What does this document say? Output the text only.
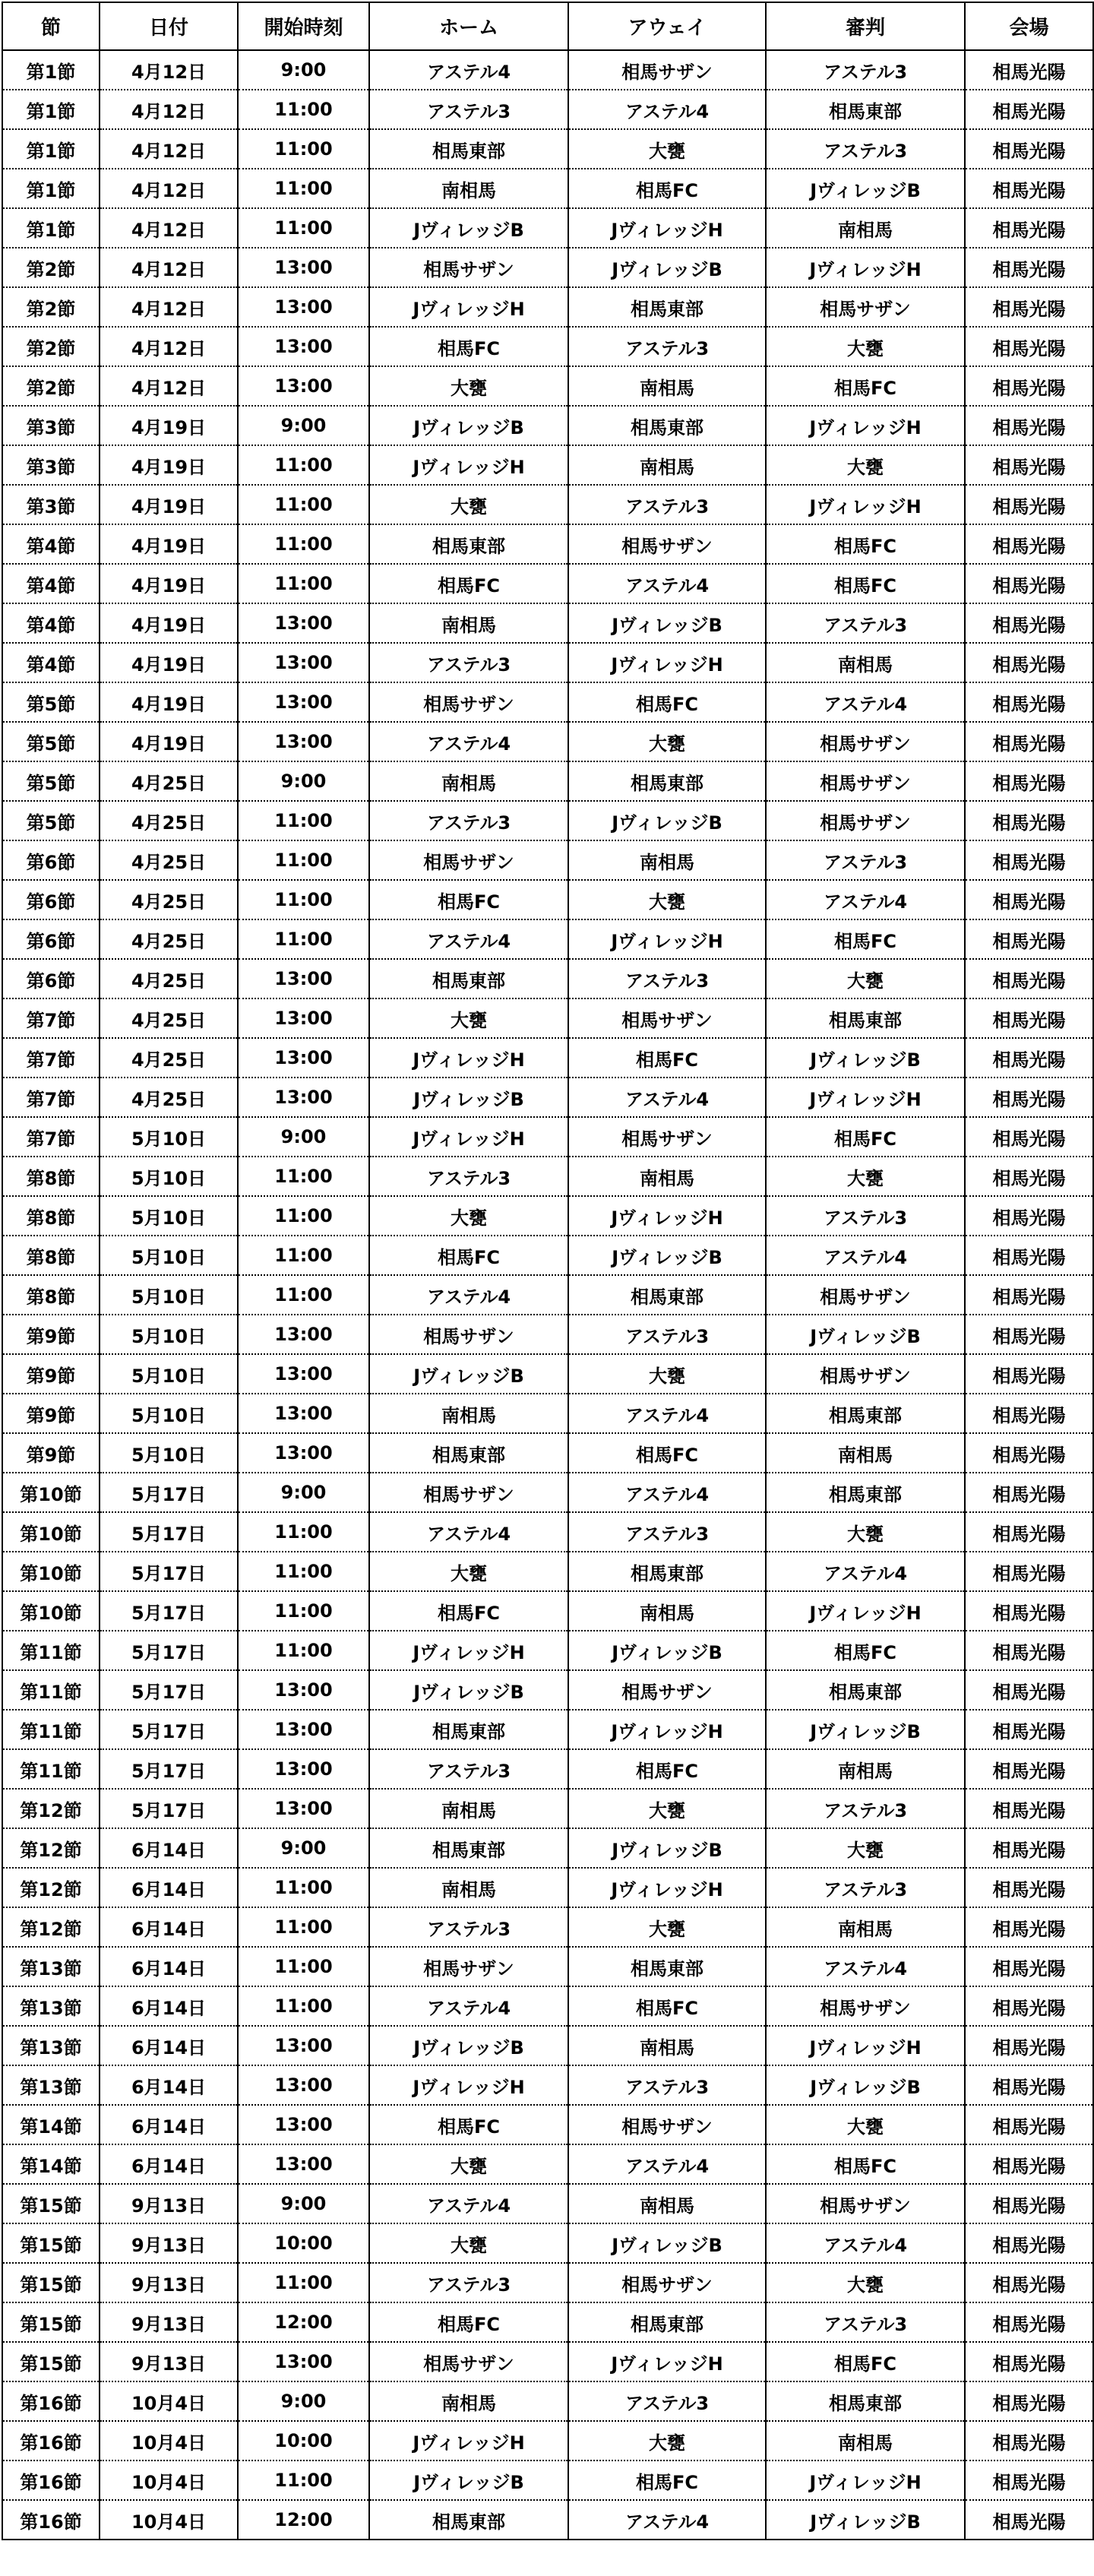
節	日付	開始時刻	ホーム	アウェイ	審判	会場
第1節	4月12日	9:00	アステル4	相馬サザン	アステル3	相馬光陽
第1節	4月12日	11:00	アステル3	アステル4	相馬東部	相馬光陽
第1節	4月12日	11:00	相馬東部	大甕	アステル3	相馬光陽
第1節	4月12日	11:00	南相馬	相馬FC	JヴィレッジB	相馬光陽
第1節	4月12日	11:00	JヴィレッジB	JヴィレッジH	南相馬	相馬光陽
第2節	4月12日	13:00	相馬サザン	JヴィレッジB	JヴィレッジH	相馬光陽
第2節	4月12日	13:00	JヴィレッジH	相馬東部	相馬サザン	相馬光陽
第2節	4月12日	13:00	相馬FC	アステル3	大甕	相馬光陽
第2節	4月12日	13:00	大甕	南相馬	相馬FC	相馬光陽
第3節	4月19日	9:00	JヴィレッジB	相馬東部	JヴィレッジH	相馬光陽
第3節	4月19日	11:00	JヴィレッジH	南相馬	大甕	相馬光陽
第3節	4月19日	11:00	大甕	アステル3	JヴィレッジH	相馬光陽
第4節	4月19日	11:00	相馬東部	相馬サザン	相馬FC	相馬光陽
第4節	4月19日	11:00	相馬FC	アステル4	相馬FC	相馬光陽
第4節	4月19日	13:00	南相馬	JヴィレッジB	アステル3	相馬光陽
第4節	4月19日	13:00	アステル3	JヴィレッジH	南相馬	相馬光陽
第5節	4月19日	13:00	相馬サザン	相馬FC	アステル4	相馬光陽
第5節	4月19日	13:00	アステル4	大甕	相馬サザン	相馬光陽
第5節	4月25日	9:00	南相馬	相馬東部	相馬サザン	相馬光陽
第5節	4月25日	11:00	アステル3	JヴィレッジB	相馬サザン	相馬光陽
第6節	4月25日	11:00	相馬サザン	南相馬	アステル3	相馬光陽
第6節	4月25日	11:00	相馬FC	大甕	アステル4	相馬光陽
第6節	4月25日	11:00	アステル4	JヴィレッジH	相馬FC	相馬光陽
第6節	4月25日	13:00	相馬東部	アステル3	大甕	相馬光陽
第7節	4月25日	13:00	大甕	相馬サザン	相馬東部	相馬光陽
第7節	4月25日	13:00	JヴィレッジH	相馬FC	JヴィレッジB	相馬光陽
第7節	4月25日	13:00	JヴィレッジB	アステル4	JヴィレッジH	相馬光陽
第7節	5月10日	9:00	JヴィレッジH	相馬サザン	相馬FC	相馬光陽
第8節	5月10日	11:00	アステル3	南相馬	大甕	相馬光陽
第8節	5月10日	11:00	大甕	JヴィレッジH	アステル3	相馬光陽
第8節	5月10日	11:00	相馬FC	JヴィレッジB	アステル4	相馬光陽
第8節	5月10日	11:00	アステル4	相馬東部	相馬サザン	相馬光陽
第9節	5月10日	13:00	相馬サザン	アステル3	JヴィレッジB	相馬光陽
第9節	5月10日	13:00	JヴィレッジB	大甕	相馬サザン	相馬光陽
第9節	5月10日	13:00	南相馬	アステル4	相馬東部	相馬光陽
第9節	5月10日	13:00	相馬東部	相馬FC	南相馬	相馬光陽
第10節	5月17日	9:00	相馬サザン	アステル4	相馬東部	相馬光陽
第10節	5月17日	11:00	アステル4	アステル3	大甕	相馬光陽
第10節	5月17日	11:00	大甕	相馬東部	アステル4	相馬光陽
第10節	5月17日	11:00	相馬FC	南相馬	JヴィレッジH	相馬光陽
第11節	5月17日	11:00	JヴィレッジH	JヴィレッジB	相馬FC	相馬光陽
第11節	5月17日	13:00	JヴィレッジB	相馬サザン	相馬東部	相馬光陽
第11節	5月17日	13:00	相馬東部	JヴィレッジH	JヴィレッジB	相馬光陽
第11節	5月17日	13:00	アステル3	相馬FC	南相馬	相馬光陽
第12節	5月17日	13:00	南相馬	大甕	アステル3	相馬光陽
第12節	6月14日	9:00	相馬東部	JヴィレッジB	大甕	相馬光陽
第12節	6月14日	11:00	南相馬	JヴィレッジH	アステル3	相馬光陽
第12節	6月14日	11:00	アステル3	大甕	南相馬	相馬光陽
第13節	6月14日	11:00	相馬サザン	相馬東部	アステル4	相馬光陽
第13節	6月14日	11:00	アステル4	相馬FC	相馬サザン	相馬光陽
第13節	6月14日	13:00	JヴィレッジB	南相馬	JヴィレッジH	相馬光陽
第13節	6月14日	13:00	JヴィレッジH	アステル3	JヴィレッジB	相馬光陽
第14節	6月14日	13:00	相馬FC	相馬サザン	大甕	相馬光陽
第14節	6月14日	13:00	大甕	アステル4	相馬FC	相馬光陽
第15節	9月13日	9:00	アステル4	南相馬	相馬サザン	相馬光陽
第15節	9月13日	10:00	大甕	JヴィレッジB	アステル4	相馬光陽
第15節	9月13日	11:00	アステル3	相馬サザン	大甕	相馬光陽
第15節	9月13日	12:00	相馬FC	相馬東部	アステル3	相馬光陽
第15節	9月13日	13:00	相馬サザン	JヴィレッジH	相馬FC	相馬光陽
第16節	10月4日	9:00	南相馬	アステル3	相馬東部	相馬光陽
第16節	10月4日	10:00	JヴィレッジH	大甕	南相馬	相馬光陽
第16節	10月4日	11:00	JヴィレッジB	相馬FC	JヴィレッジH	相馬光陽
第16節	10月4日	12:00	相馬東部	アステル4	JヴィレッジB	相馬光陽
